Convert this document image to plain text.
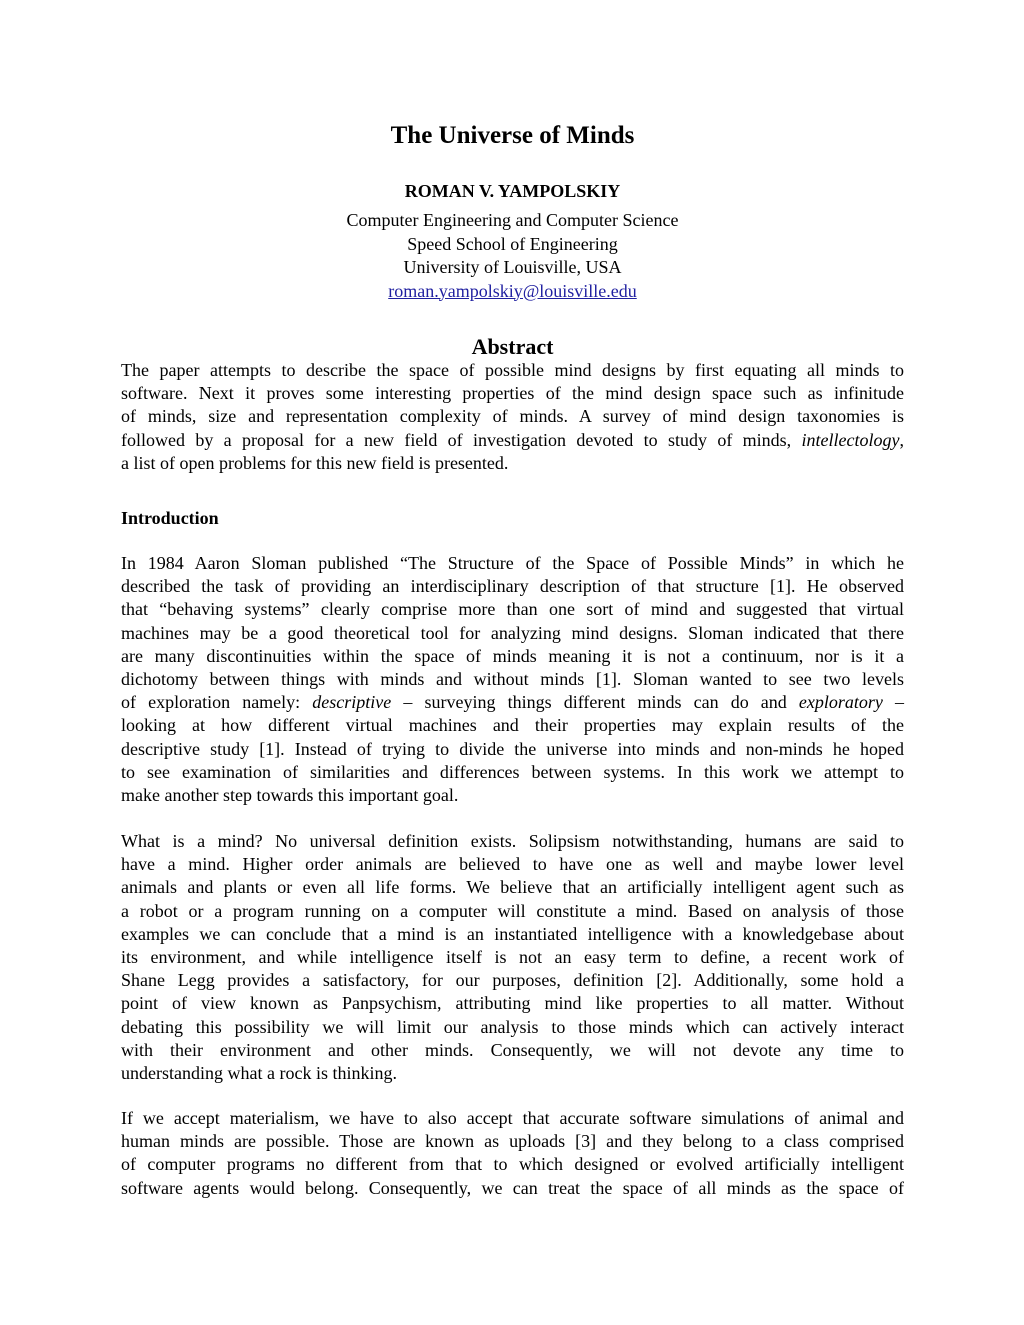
The Universe of Minds
ROMAN V. YAMPOLSKIY
Computer Engineering and Computer Science
Speed School of Engineering
University of Louisville, USA
roman.yampolskiy@louisville.edu
Abstract
The paper attempts to describe the space of possible mind designs by first equating all minds to
software. Next it proves some interesting properties of the mind design space such as infinitude
of minds, size and representation complexity of minds. A survey of mind design taxonomies is
followed by a proposal for a new field of investigation devoted to study of minds, intellectology,
a list of open problems for this new field is presented.
Introduction
In 1984 Aaron Sloman published “The Structure of the Space of Possible Minds” in which he
described the task of providing an interdisciplinary description of that structure [1]. He observed
that “behaving systems” clearly comprise more than one sort of mind and suggested that virtual
machines may be a good theoretical tool for analyzing mind designs. Sloman indicated that there
are many discontinuities within the space of minds meaning it is not a continuum, nor is it a
dichotomy between things with minds and without minds [1]. Sloman wanted to see two levels
of exploration namely: descriptive – surveying things different minds can do and exploratory –
looking at how different virtual machines and their properties may explain results of the
descriptive study [1]. Instead of trying to divide the universe into minds and non-minds he hoped
to see examination of similarities and differences between systems. In this work we attempt to
make another step towards this important goal.
What is a mind? No universal definition exists. Solipsism notwithstanding, humans are said to
have a mind. Higher order animals are believed to have one as well and maybe lower level
animals and plants or even all life forms. We believe that an artificially intelligent agent such as
a robot or a program running on a computer will constitute a mind. Based on analysis of those
examples we can conclude that a mind is an instantiated intelligence with a knowledgebase about
its environment, and while intelligence itself is not an easy term to define, a recent work of
Shane Legg provides a satisfactory, for our purposes, definition [2]. Additionally, some hold a
point of view known as Panpsychism, attributing mind like properties to all matter. Without
debating this possibility we will limit our analysis to those minds which can actively interact
with their environment and other minds. Consequently, we will not devote any time to
understanding what a rock is thinking.
If we accept materialism, we have to also accept that accurate software simulations of animal and
human minds are possible. Those are known as uploads [3] and they belong to a class comprised
of computer programs no different from that to which designed or evolved artificially intelligent
software agents would belong. Consequently, we can treat the space of all minds as the space of
